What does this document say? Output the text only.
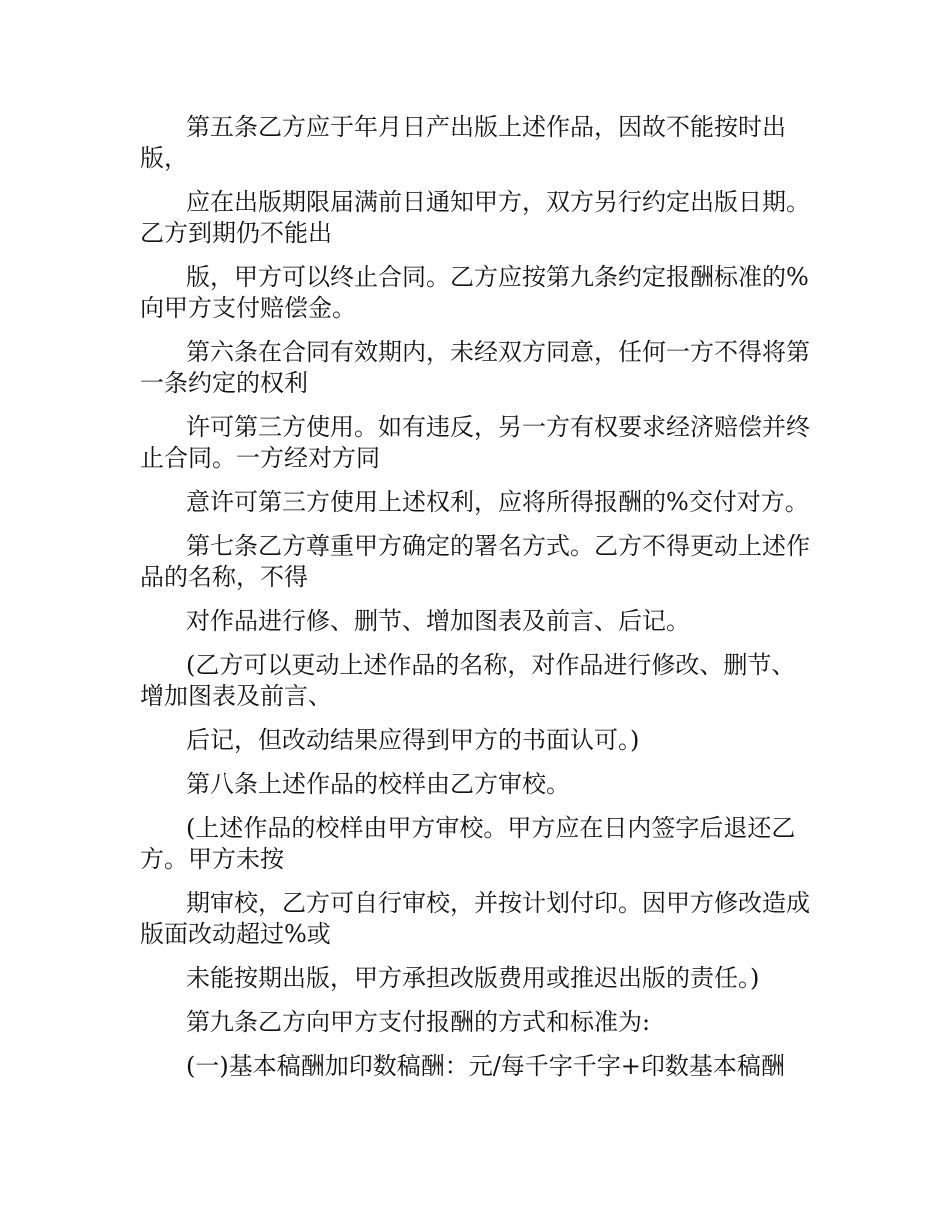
第五条乙方应于年月日产出版上述作品，因故不能按时出版，

应在出版期限届满前日通知甲方，双方另行约定出版日期。乙方到期仍不能出

版，甲方可以终止合同。乙方应按第九条约定报酬标准的%向甲方支付赔偿金。

第六条在合同有效期内，未经双方同意，任何一方不得将第一条约定的权利

许可第三方使用。如有违反，另一方有权要求经济赔偿并终止合同。一方经对方同

意许可第三方使用上述权利，应将所得报酬的%交付对方。

第七条乙方尊重甲方确定的署名方式。乙方不得更动上述作品的名称，不得

对作品进行修、删节、增加图表及前言、后记。

(乙方可以更动上述作品的名称，对作品进行修改、删节、增加图表及前言、

后记，但改动结果应得到甲方的书面认可。)

第八条上述作品的校样由乙方审校。

(上述作品的校样由甲方审校。甲方应在日内签字后退还乙方。甲方未按

期审校，乙方可自行审校，并按计划付印。因甲方修改造成版面改动超过%或

未能按期出版，甲方承担改版费用或推迟出版的责任。)

第九条乙方向甲方支付报酬的方式和标准为:

(一)基本稿酬加印数稿酬：元/每千字千字+印数基本稿酬
